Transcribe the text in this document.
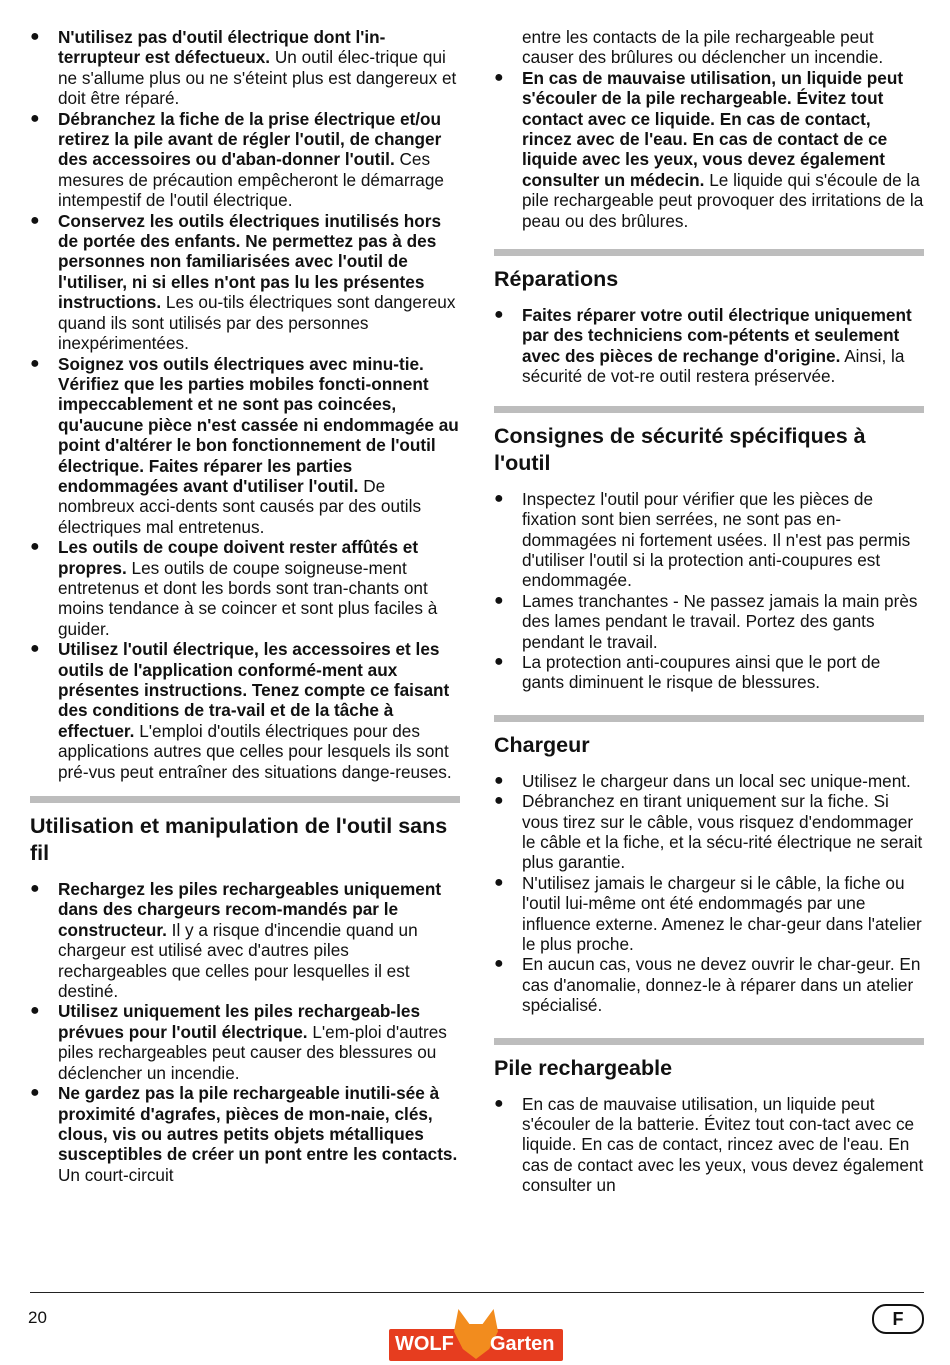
● N'utilisez pas d'outil électrique dont l'in-terrupteur est défectueux. Un outil élec-trique qui ne s'allume plus ou ne s'éteint plus est dangereux et doit être réparé.
● Débranchez la fiche de la prise électrique et/ou retirez la pile avant de régler l'outil, de changer des accessoires ou d'aban-donner l'outil. Ces mesures de précaution empêcheront le démarrage intempestif de l'outil électrique.
● Conservez les outils électriques inutilisés hors de portée des enfants. Ne permettez pas à des personnes non familiarisées avec l'outil de l'utiliser, ni si elles n'ont pas lu les présentes instructions. Les ou-tils électriques sont dangereux quand ils sont utilisés par des personnes inexpérimentées.
● Soignez vos outils électriques avec minu-tie. Vérifiez que les parties mobiles foncti-onnent impeccablement et ne sont pas coincées, qu'aucune pièce n'est cassée ni endommagée au point d'altérer le bon fonctionnement de l'outil électrique. Faites réparer les parties endommagées avant d'utiliser l'outil. De nombreux acci-dents sont causés par des outils électriques mal entretenus.
● Les outils de coupe doivent rester affûtés et propres. Les outils de coupe soigneuse-ment entretenus et dont les bords sont tran-chants ont moins tendance à se coincer et sont plus faciles à guider.
● Utilisez l'outil électrique, les accessoires et les outils de l'application conformé-ment aux présentes instructions. Tenez compte ce faisant des conditions de tra-vail et de la tâche à effectuer. L'emploi d'outils électriques pour des applications autres que celles pour lesquels ils sont pré-vus peut entraîner des situations dange-reuses.
Utilisation et manipulation de l'outil sans fil
● Rechargez les piles rechargeables uniquement dans des chargeurs recom-mandés par le constructeur. Il y a risque d'incendie quand un chargeur est utilisé avec d'autres piles rechargeables que celles pour lesquelles il est destiné.
● Utilisez uniquement les piles rechargeab-les prévues pour l'outil électrique. L'em-ploi d'autres piles rechargeables peut causer des blessures ou déclencher un incendie.
● Ne gardez pas la pile rechargeable inutili-sée à proximité d'agrafes, pièces de mon-naie, clés, clous, vis ou autres petits objets métalliques susceptibles de créer un pont entre les contacts. Un court-circuit
entre les contacts de la pile rechargeable peut causer des brûlures ou déclencher un incendie.
● En cas de mauvaise utilisation, un liquide peut s'écouler de la pile rechargeable. Évitez tout contact avec ce liquide. En cas de contact, rincez avec de l'eau. En cas de contact de ce liquide avec les yeux, vous devez également consulter un médecin. Le liquide qui s'écoule de la pile rechargeable peut provoquer des irritations de la peau ou des brûlures.
Réparations
● Faites réparer votre outil électrique uniquement par des techniciens com-pétents et seulement avec des pièces de rechange d'origine. Ainsi, la sécurité de vot-re outil restera préservée.
Consignes de sécurité spécifiques à l'outil
● Inspectez l'outil pour vérifier que les pièces de fixation sont bien serrées, ne sont pas en-dommagées ni fortement usées. Il n'est pas permis d'utiliser l'outil si la protection anti-coupures est endommagée.
● Lames tranchantes - Ne passez jamais la main près des lames pendant le travail. Portez des gants pendant le travail.
● La protection anti-coupures ainsi que le port de gants diminuent le risque de blessures.
Chargeur
● Utilisez le chargeur dans un local sec unique-ment.
● Débranchez en tirant uniquement sur la fiche. Si vous tirez sur le câble, vous risquez d'endommager le câble et la fiche, et la sécu-rité électrique ne serait plus garantie.
● N'utilisez jamais le chargeur si le câble, la fiche ou l'outil lui-même ont été endommagés par une influence externe. Amenez le char-geur dans l'atelier le plus proche.
● En aucun cas, vous ne devez ouvrir le char-geur. En cas d'anomalie, donnez-le à réparer dans un atelier spécialisé.
Pile rechargeable
● En cas de mauvaise utilisation, un liquide peut s'écouler de la batterie. Évitez tout con-tact avec ce liquide. En cas de contact, rincez avec de l'eau. En cas de contact avec les yeux, vous devez également consulter un
20	F
WOLF Garten
